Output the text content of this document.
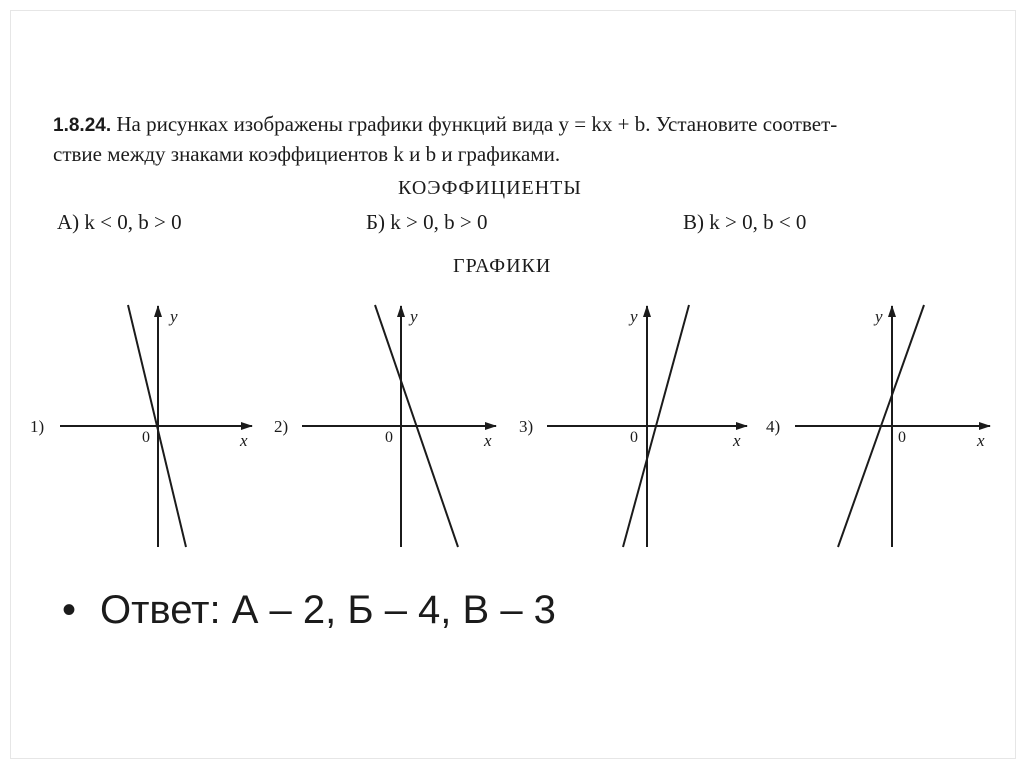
1.8.24. На рисунках изображены графики функций вида y = kx + b. Установите соответ-
ствие между знаками коэффициентов k и b и графиками.
КОЭФФИЦИЕНТЫ
А) k < 0, b > 0	Б) k > 0, b > 0	В) k > 0, b < 0
ГРАФИКИ
1)
y
x
0
2)
y
x
0
3)
y
x
0
4)
y
x
0
• Ответ: А – 2, Б – 4, В – 3
